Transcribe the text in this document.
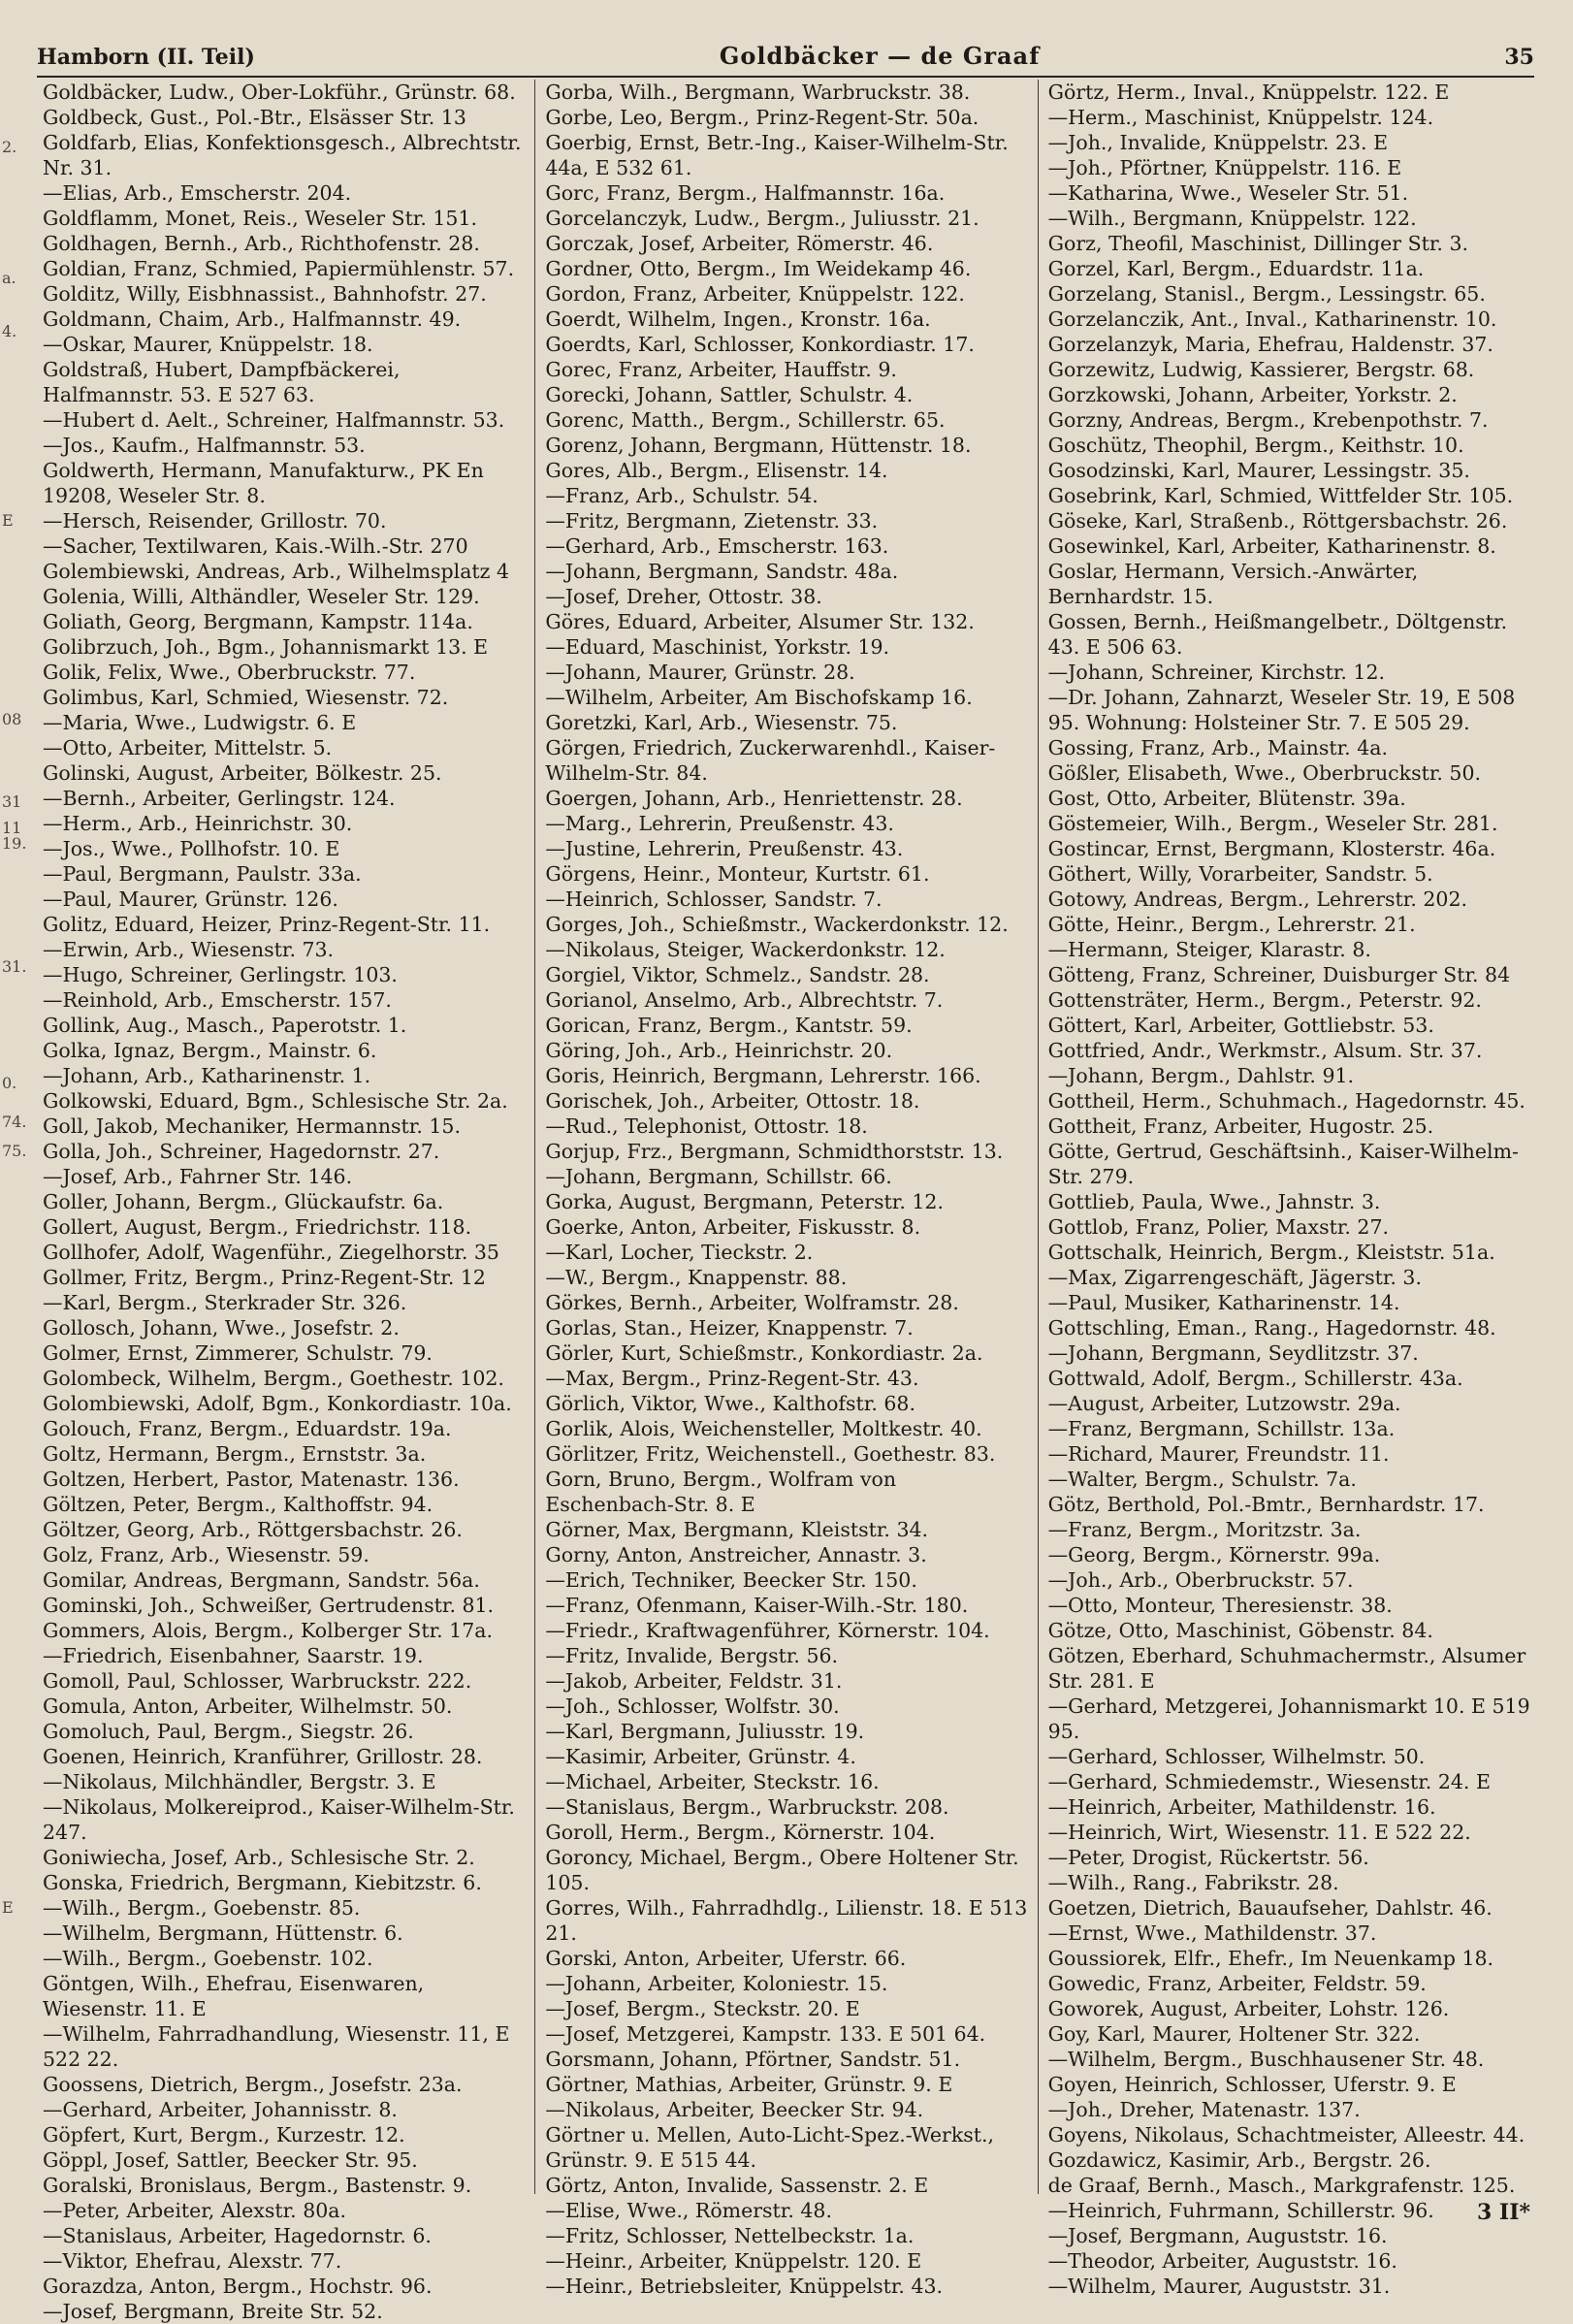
Hamborn (II. Teil)	Goldbäcker — de Graaf	35
2.
a.
4.
E
08
31
11
19.
31.
0.
74.
75.
E

Goldbäcker, Ludw., Ober-Lokführ., Grünstr. 68.

Goldbeck, Gust., Pol.-Btr., Elsässer Str. 13

Goldfarb, Elias, Konfektionsgesch., Albrechtstr. Nr. 31.

—Elias, Arb., Emscherstr. 204.

Goldflamm, Monet, Reis., Weseler Str. 151.

Goldhagen, Bernh., Arb., Richthofenstr. 28.

Goldian, Franz, Schmied, Papiermühlenstr. 57.

Golditz, Willy, Eisbhnassist., Bahnhofstr. 27.

Goldmann, Chaim, Arb., Halfmannstr. 49.

—Oskar, Maurer, Knüppelstr. 18.

Goldstraß, Hubert, Dampfbäckerei, Halfmannstr. 53. E 527 63.

—Hubert d. Aelt., Schreiner, Halfmannstr. 53.

—Jos., Kaufm., Halfmannstr. 53.

Goldwerth, Hermann, Manufakturw., PK En 19208, Weseler Str. 8.

—Hersch, Reisender, Grillostr. 70.

—Sacher, Textilwaren, Kais.-Wilh.-Str. 270

Golembiewski, Andreas, Arb., Wilhelmsplatz 4

Golenia, Willi, Althändler, Weseler Str. 129.

Goliath, Georg, Bergmann, Kampstr. 114a.

Golibrzuch, Joh., Bgm., Johannismarkt 13. E

Golik, Felix, Wwe., Oberbruckstr. 77.

Golimbus, Karl, Schmied, Wiesenstr. 72.

—Maria, Wwe., Ludwigstr. 6. E

—Otto, Arbeiter, Mittelstr. 5.

Golinski, August, Arbeiter, Bölkestr. 25.

—Bernh., Arbeiter, Gerlingstr. 124.

—Herm., Arb., Heinrichstr. 30.

—Jos., Wwe., Pollhofstr. 10. E

—Paul, Bergmann, Paulstr. 33a.

—Paul, Maurer, Grünstr. 126.

Golitz, Eduard, Heizer, Prinz-Regent-Str. 11.

—Erwin, Arb., Wiesenstr. 73.

—Hugo, Schreiner, Gerlingstr. 103.

—Reinhold, Arb., Emscherstr. 157.

Gollink, Aug., Masch., Paperotstr. 1.

Golka, Ignaz, Bergm., Mainstr. 6.

—Johann, Arb., Katharinenstr. 1.

Golkowski, Eduard, Bgm., Schlesische Str. 2a.

Goll, Jakob, Mechaniker, Hermannstr. 15.

Golla, Joh., Schreiner, Hagedornstr. 27.

—Josef, Arb., Fahrner Str. 146.

Goller, Johann, Bergm., Glückaufstr. 6a.

Gollert, August, Bergm., Friedrichstr. 118.

Gollhofer, Adolf, Wagenführ., Ziegelhorstr. 35

Gollmer, Fritz, Bergm., Prinz-Regent-Str. 12

—Karl, Bergm., Sterkrader Str. 326.

Gollosch, Johann, Wwe., Josefstr. 2.

Golmer, Ernst, Zimmerer, Schulstr. 79.

Golombeck, Wilhelm, Bergm., Goethestr. 102.

Golombiewski, Adolf, Bgm., Konkordiastr. 10a.

Golouch, Franz, Bergm., Eduardstr. 19a.

Goltz, Hermann, Bergm., Ernststr. 3a.

Goltzen, Herbert, Pastor, Matenastr. 136.

Göltzen, Peter, Bergm., Kalthoffstr. 94.

Göltzer, Georg, Arb., Röttgersbachstr. 26.

Golz, Franz, Arb., Wiesenstr. 59.

Gomilar, Andreas, Bergmann, Sandstr. 56a.

Gominski, Joh., Schweißer, Gertrudenstr. 81.

Gommers, Alois, Bergm., Kolberger Str. 17a.

—Friedrich, Eisenbahner, Saarstr. 19.

Gomoll, Paul, Schlosser, Warbruckstr. 222.

Gomula, Anton, Arbeiter, Wilhelmstr. 50.

Gomoluch, Paul, Bergm., Siegstr. 26.

Goenen, Heinrich, Kranführer, Grillostr. 28.

—Nikolaus, Milchhändler, Bergstr. 3. E

—Nikolaus, Molkereiprod., Kaiser-Wilhelm-Str. 247.

Goniwiecha, Josef, Arb., Schlesische Str. 2.

Gonska, Friedrich, Bergmann, Kiebitzstr. 6.

—Wilh., Bergm., Goebenstr. 85.

—Wilhelm, Bergmann, Hüttenstr. 6.

—Wilh., Bergm., Goebenstr. 102.

Göntgen, Wilh., Ehefrau, Eisenwaren, Wiesenstr. 11. E

—Wilhelm, Fahrradhandlung, Wiesenstr. 11, E 522 22.

Goossens, Dietrich, Bergm., Josefstr. 23a.

—Gerhard, Arbeiter, Johannisstr. 8.

Göpfert, Kurt, Bergm., Kurzestr. 12.

Göppl, Josef, Sattler, Beecker Str. 95.

Goralski, Bronislaus, Bergm., Bastenstr. 9.

—Peter, Arbeiter, Alexstr. 80a.

—Stanislaus, Arbeiter, Hagedornstr. 6.

—Viktor, Ehefrau, Alexstr. 77.

Gorazdza, Anton, Bergm., Hochstr. 96.

—Josef, Bergmann, Breite Str. 52.

Gorba, Wilh., Bergmann, Warbruckstr. 38.

Gorbe, Leo, Bergm., Prinz-Regent-Str. 50a.

Goerbig, Ernst, Betr.-Ing., Kaiser-Wilhelm-Str. 44a, E 532 61.

Gorc, Franz, Bergm., Halfmannstr. 16a.

Gorcelanczyk, Ludw., Bergm., Juliusstr. 21.

Gorczak, Josef, Arbeiter, Römerstr. 46.

Gordner, Otto, Bergm., Im Weidekamp 46.

Gordon, Franz, Arbeiter, Knüppelstr. 122.

Goerdt, Wilhelm, Ingen., Kronstr. 16a.

Goerdts, Karl, Schlosser, Konkordiastr. 17.

Gorec, Franz, Arbeiter, Hauffstr. 9.

Gorecki, Johann, Sattler, Schulstr. 4.

Gorenc, Matth., Bergm., Schillerstr. 65.

Gorenz, Johann, Bergmann, Hüttenstr. 18.

Gores, Alb., Bergm., Elisenstr. 14.

—Franz, Arb., Schulstr. 54.

—Fritz, Bergmann, Zietenstr. 33.

—Gerhard, Arb., Emscherstr. 163.

—Johann, Bergmann, Sandstr. 48a.

—Josef, Dreher, Ottostr. 38.

Göres, Eduard, Arbeiter, Alsumer Str. 132.

—Eduard, Maschinist, Yorkstr. 19.

—Johann, Maurer, Grünstr. 28.

—Wilhelm, Arbeiter, Am Bischofskamp 16.

Goretzki, Karl, Arb., Wiesenstr. 75.

Görgen, Friedrich, Zuckerwarenhdl., Kaiser-Wilhelm-Str. 84.

Goergen, Johann, Arb., Henriettenstr. 28.

—Marg., Lehrerin, Preußenstr. 43.

—Justine, Lehrerin, Preußenstr. 43.

Görgens, Heinr., Monteur, Kurtstr. 61.

—Heinrich, Schlosser, Sandstr. 7.

Gorges, Joh., Schießmstr., Wackerdonkstr. 12.

—Nikolaus, Steiger, Wackerdonkstr. 12.

Gorgiel, Viktor, Schmelz., Sandstr. 28.

Gorianol, Anselmo, Arb., Albrechtstr. 7.

Gorican, Franz, Bergm., Kantstr. 59.

Göring, Joh., Arb., Heinrichstr. 20.

Goris, Heinrich, Bergmann, Lehrerstr. 166.

Gorischek, Joh., Arbeiter, Ottostr. 18.

—Rud., Telephonist, Ottostr. 18.

Gorjup, Frz., Bergmann, Schmidthorststr. 13.

—Johann, Bergmann, Schillstr. 66.

Gorka, August, Bergmann, Peterstr. 12.

Goerke, Anton, Arbeiter, Fiskusstr. 8.

—Karl, Locher, Tieckstr. 2.

—W., Bergm., Knappenstr. 88.

Görkes, Bernh., Arbeiter, Wolframstr. 28.

Gorlas, Stan., Heizer, Knappenstr. 7.

Görler, Kurt, Schießmstr., Konkordiastr. 2a.

—Max, Bergm., Prinz-Regent-Str. 43.

Görlich, Viktor, Wwe., Kalthofstr. 68.

Gorlik, Alois, Weichensteller, Moltkestr. 40.

Görlitzer, Fritz, Weichenstell., Goethestr. 83.

Gorn, Bruno, Bergm., Wolfram von Eschenbach-Str. 8. E

Görner, Max, Bergmann, Kleiststr. 34.

Gorny, Anton, Anstreicher, Annastr. 3.

—Erich, Techniker, Beecker Str. 150.

—Franz, Ofenmann, Kaiser-Wilh.-Str. 180.

—Friedr., Kraftwagenführer, Körnerstr. 104.

—Fritz, Invalide, Bergstr. 56.

—Jakob, Arbeiter, Feldstr. 31.

—Joh., Schlosser, Wolfstr. 30.

—Karl, Bergmann, Juliusstr. 19.

—Kasimir, Arbeiter, Grünstr. 4.

—Michael, Arbeiter, Steckstr. 16.

—Stanislaus, Bergm., Warbruckstr. 208.

Goroll, Herm., Bergm., Körnerstr. 104.

Goroncy, Michael, Bergm., Obere Holtener Str. 105.

Gorres, Wilh., Fahrradhdlg., Lilienstr. 18. E 513 21.

Gorski, Anton, Arbeiter, Uferstr. 66.

—Johann, Arbeiter, Koloniestr. 15.

—Josef, Bergm., Steckstr. 20. E

—Josef, Metzgerei, Kampstr. 133. E 501 64.

Gorsmann, Johann, Pförtner, Sandstr. 51.

Görtner, Mathias, Arbeiter, Grünstr. 9. E

—Nikolaus, Arbeiter, Beecker Str. 94.

Görtner u. Mellen, Auto-Licht-Spez.-Werkst., Grünstr. 9. E 515 44.

Görtz, Anton, Invalide, Sassenstr. 2. E

—Elise, Wwe., Römerstr. 48.

—Fritz, Schlosser, Nettelbeckstr. 1a.

—Heinr., Arbeiter, Knüppelstr. 120. E

—Heinr., Betriebsleiter, Knüppelstr. 43.

Görtz, Herm., Inval., Knüppelstr. 122. E

—Herm., Maschinist, Knüppelstr. 124.

—Joh., Invalide, Knüppelstr. 23. E

—Joh., Pförtner, Knüppelstr. 116. E

—Katharina, Wwe., Weseler Str. 51.

—Wilh., Bergmann, Knüppelstr. 122.

Gorz, Theofil, Maschinist, Dillinger Str. 3.

Gorzel, Karl, Bergm., Eduardstr. 11a.

Gorzelang, Stanisl., Bergm., Lessingstr. 65.

Gorzelanczik, Ant., Inval., Katharinenstr. 10.

Gorzelanzyk, Maria, Ehefrau, Haldenstr. 37.

Gorzewitz, Ludwig, Kassierer, Bergstr. 68.

Gorzkowski, Johann, Arbeiter, Yorkstr. 2.

Gorzny, Andreas, Bergm., Krebenpothstr. 7.

Goschütz, Theophil, Bergm., Keithstr. 10.

Gosodzinski, Karl, Maurer, Lessingstr. 35.

Gosebrink, Karl, Schmied, Wittfelder Str. 105.

Göseke, Karl, Straßenb., Röttgersbachstr. 26.

Gosewinkel, Karl, Arbeiter, Katharinenstr. 8.

Goslar, Hermann, Versich.-Anwärter, Bernhardstr. 15.

Gossen, Bernh., Heißmangelbetr., Döltgenstr. 43. E 506 63.

—Johann, Schreiner, Kirchstr. 12.

—Dr. Johann, Zahnarzt, Weseler Str. 19, E 508 95. Wohnung: Holsteiner Str. 7. E 505 29.

Gossing, Franz, Arb., Mainstr. 4a.

Gößler, Elisabeth, Wwe., Oberbruckstr. 50.

Gost, Otto, Arbeiter, Blütenstr. 39a.

Göstemeier, Wilh., Bergm., Weseler Str. 281.

Gostincar, Ernst, Bergmann, Klosterstr. 46a.

Göthert, Willy, Vorarbeiter, Sandstr. 5.

Gotowy, Andreas, Bergm., Lehrerstr. 202.

Götte, Heinr., Bergm., Lehrerstr. 21.

—Hermann, Steiger, Klarastr. 8.

Götteng, Franz, Schreiner, Duisburger Str. 84

Gottensträter, Herm., Bergm., Peterstr. 92.

Göttert, Karl, Arbeiter, Gottliebstr. 53.

Gottfried, Andr., Werkmstr., Alsum. Str. 37.

—Johann, Bergm., Dahlstr. 91.

Gottheil, Herm., Schuhmach., Hagedornstr. 45.

Gottheit, Franz, Arbeiter, Hugostr. 25.

Götte, Gertrud, Geschäftsinh., Kaiser-Wilhelm-Str. 279.

Gottlieb, Paula, Wwe., Jahnstr. 3.

Gottlob, Franz, Polier, Maxstr. 27.

Gottschalk, Heinrich, Bergm., Kleiststr. 51a.

—Max, Zigarrengeschäft, Jägerstr. 3.

—Paul, Musiker, Katharinenstr. 14.

Gottschling, Eman., Rang., Hagedornstr. 48.

—Johann, Bergmann, Seydlitzstr. 37.

Gottwald, Adolf, Bergm., Schillerstr. 43a.

—August, Arbeiter, Lutzowstr. 29a.

—Franz, Bergmann, Schillstr. 13a.

—Richard, Maurer, Freundstr. 11.

—Walter, Bergm., Schulstr. 7a.

Götz, Berthold, Pol.-Bmtr., Bernhardstr. 17.

—Franz, Bergm., Moritzstr. 3a.

—Georg, Bergm., Körnerstr. 99a.

—Joh., Arb., Oberbruckstr. 57.

—Otto, Monteur, Theresienstr. 38.

Götze, Otto, Maschinist, Göbenstr. 84.

Götzen, Eberhard, Schuhmachermstr., Alsumer Str. 281. E

—Gerhard, Metzgerei, Johannismarkt 10. E 519 95.

—Gerhard, Schlosser, Wilhelmstr. 50.

—Gerhard, Schmiedemstr., Wiesenstr. 24. E

—Heinrich, Arbeiter, Mathildenstr. 16.

—Heinrich, Wirt, Wiesenstr. 11. E 522 22.

—Peter, Drogist, Rückertstr. 56.

—Wilh., Rang., Fabrikstr. 28.

Goetzen, Dietrich, Bauaufseher, Dahlstr. 46.

—Ernst, Wwe., Mathildenstr. 37.

Goussiorek, Elfr., Ehefr., Im Neuenkamp 18.

Gowedic, Franz, Arbeiter, Feldstr. 59.

Goworek, August, Arbeiter, Lohstr. 126.

Goy, Karl, Maurer, Holtener Str. 322.

—Wilhelm, Bergm., Buschhausener Str. 48.

Goyen, Heinrich, Schlosser, Uferstr. 9. E

—Joh., Dreher, Matenastr. 137.

Goyens, Nikolaus, Schachtmeister, Alleestr. 44.

Gozdawicz, Kasimir, Arb., Bergstr. 26.

de Graaf, Bernh., Masch., Markgrafenstr. 125.

—Heinrich, Fuhrmann, Schillerstr. 96.

—Josef, Bergmann, Auguststr. 16.

—Theodor, Arbeiter, Auguststr. 16.

—Wilhelm, Maurer, Auguststr. 31.

3 II*
